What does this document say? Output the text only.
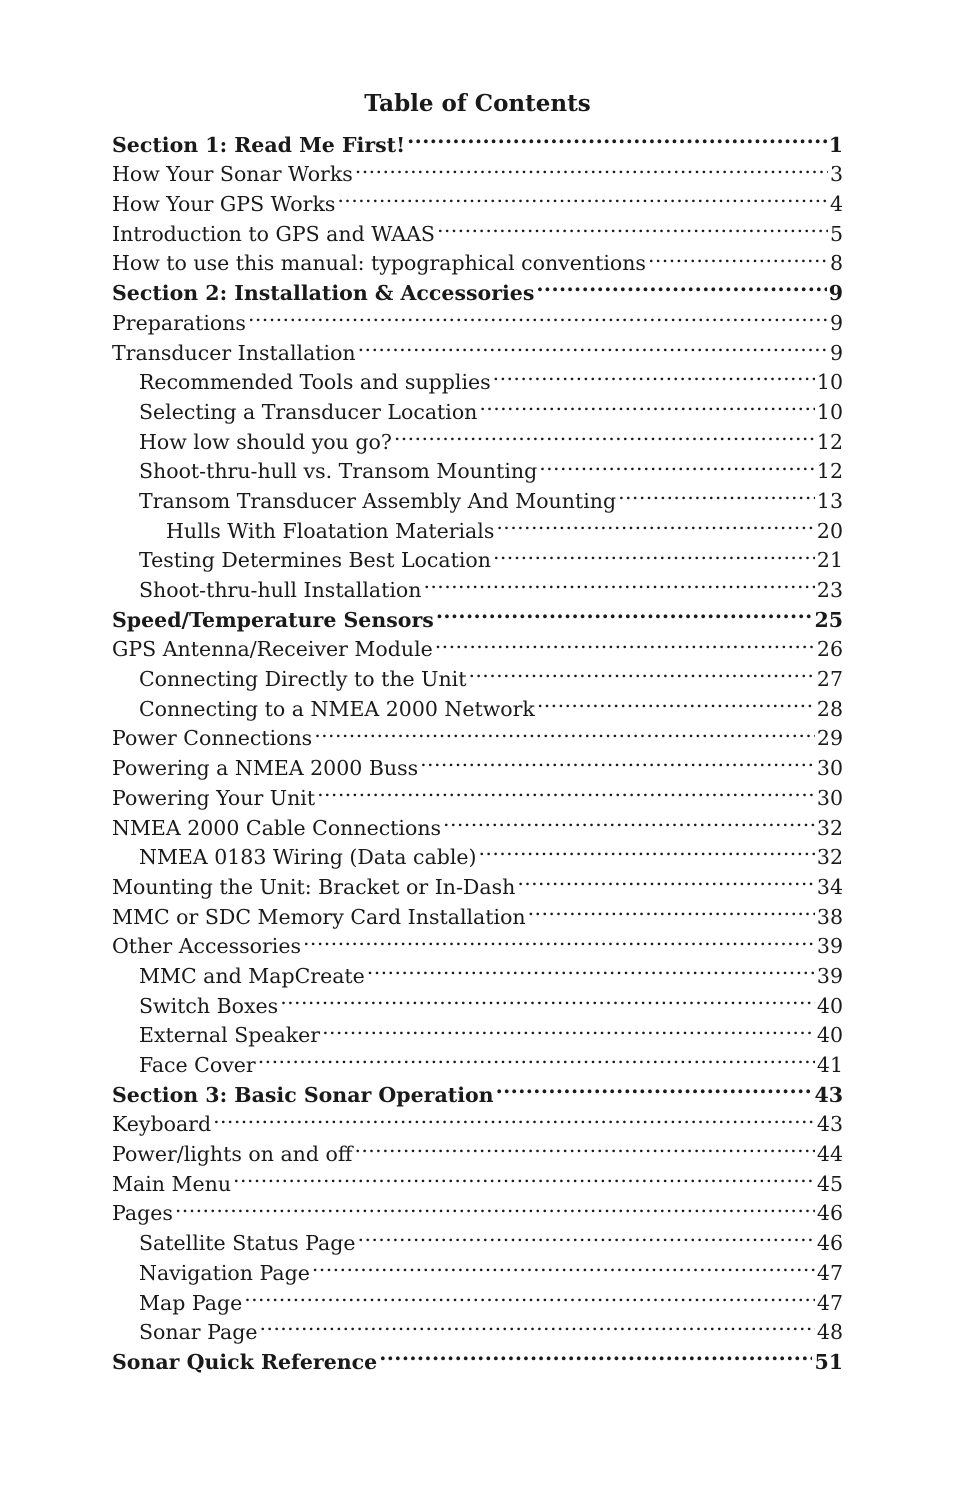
Table of Contents
Section 1: Read Me First! .....	1
How Your Sonar Works .....	3
How Your GPS Works .....	4
Introduction to GPS and WAAS .....	5
How to use this manual: typographical conventions .....	8
Section 2: Installation & Accessories .....	9
Preparations .....	9
Transducer Installation .....	9
Recommended Tools and supplies .....	10
Selecting a Transducer Location .....	10
How low should you go? .....	12
Shoot-thru-hull vs. Transom Mounting .....	12
Transom Transducer Assembly And Mounting .....	13
Hulls With Floatation Materials .....	20
Testing Determines Best Location .....	21
Shoot-thru-hull Installation .....	23
Speed/Temperature Sensors .....	25
GPS Antenna/Receiver Module .....	26
Connecting Directly to the Unit .....	27
Connecting to a NMEA 2000 Network .....	28
Power Connections .....	29
Powering a NMEA 2000 Buss .....	30
Powering Your Unit .....	30
NMEA 2000 Cable Connections .....	32
NMEA 0183 Wiring (Data cable) .....	32
Mounting the Unit: Bracket or In-Dash .....	34
MMC or SDC Memory Card Installation .....	38
Other Accessories .....	39
MMC and MapCreate .....	39
Switch Boxes .....	40
External Speaker .....	40
Face Cover .....	41
Section 3: Basic Sonar Operation .....	43
Keyboard .....	43
Power/lights on and off .....	44
Main Menu .....	45
Pages .....	46
Satellite Status Page .....	46
Navigation Page .....	47
Map Page .....	47
Sonar Page .....	48
Sonar Quick Reference .....	51
